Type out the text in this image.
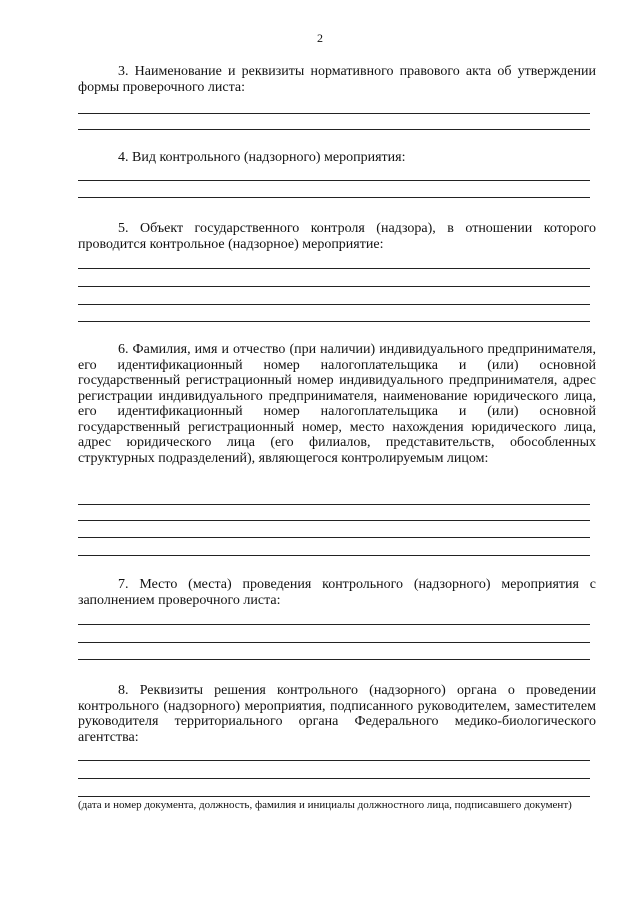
2
3. Наименование и реквизиты нормативного правового акта об утверждении формы проверочного листа:
4. Вид контрольного (надзорного) мероприятия:
5. Объект государственного контроля (надзора), в отношении которого проводится контрольное (надзорное) мероприятие:
6. Фамилия, имя и отчество (при наличии) индивидуального предпринимателя, его идентификационный номер налогоплательщика и (или) основной государственный регистрационный номер индивидуального предпринимателя, адрес регистрации индивидуального предпринимателя, наименование юридического лица, его идентификационный номер налогоплательщика и (или) основной государственный регистрационный номер, место нахождения юридического лица, адрес юридического лица (его филиалов, представительств, обособленных структурных подразделений), являющегося контролируемым лицом:
7. Место (места) проведения контрольного (надзорного) мероприятия с заполнением проверочного листа:
8. Реквизиты решения контрольного (надзорного) органа о проведении контрольного (надзорного) мероприятия, подписанного руководителем, заместителем руководителя территориального органа Федерального медико-биологического агентства:
(дата и номер документа, должность, фамилия и инициалы должностного лица, подписавшего документ)
